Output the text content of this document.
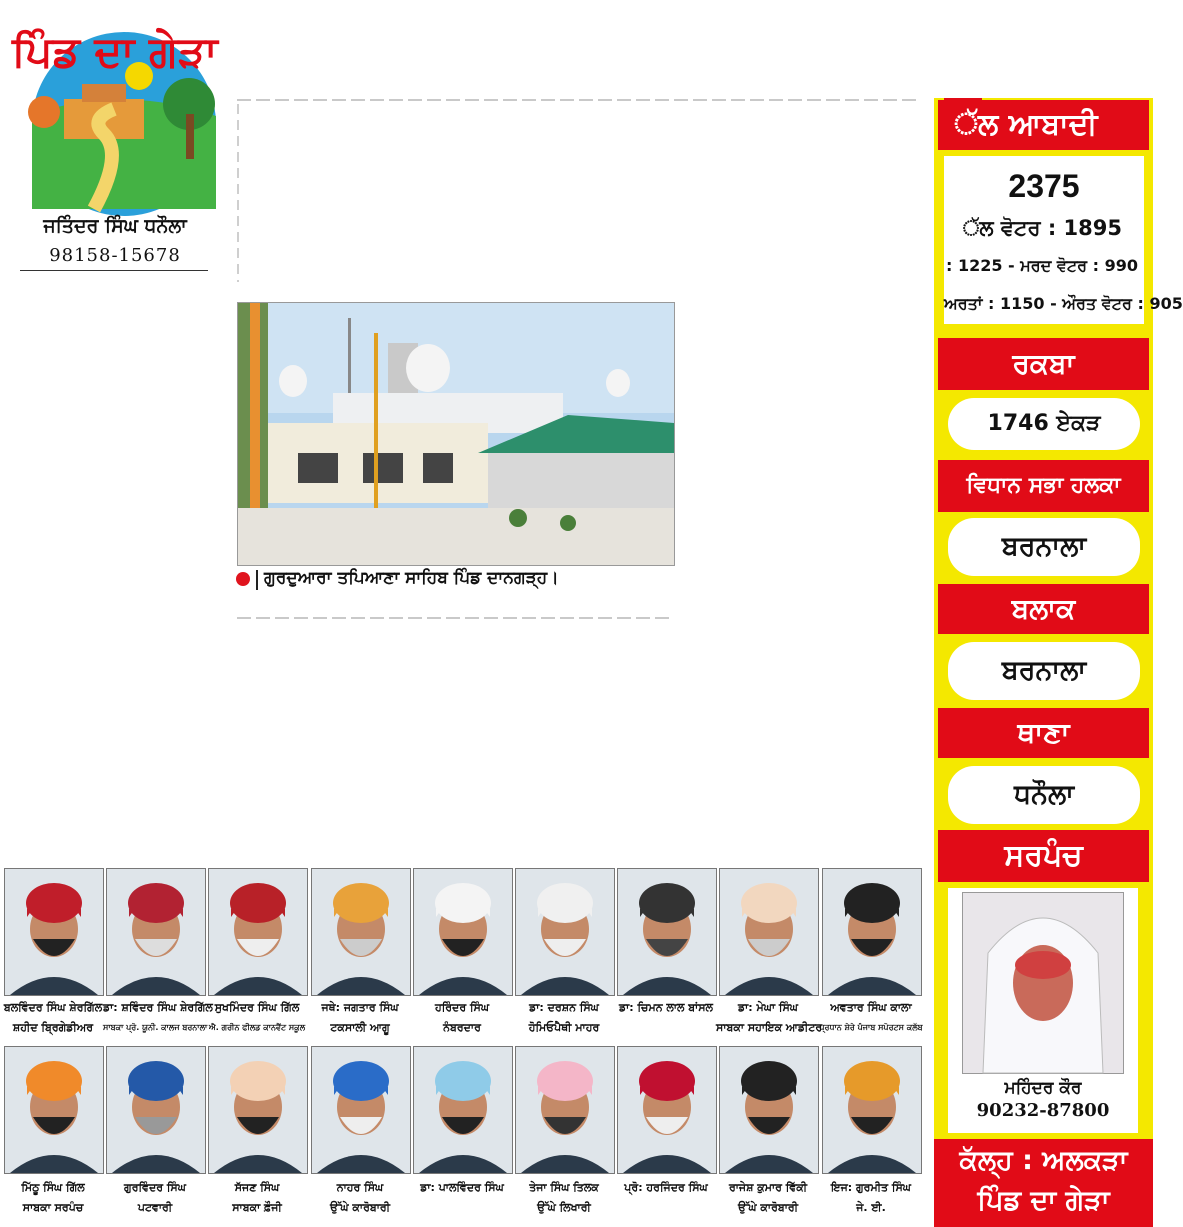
ਪਿੰਡ ਦਾ ਗੇੜਾ
ਜਤਿੰਦਰ ਸਿੰਘ ਧਨੌਲਾ
98158-15678
ਗੁਰਦੁਆਰਾ ਤਪਿਆਣਾ ਸਾਹਿਬ ਪਿੰਡ ਦਾਨਗੜ੍ਹ।
ੱਲ ਆਬਾਦੀ
2375
ੱਲ ਵੋਟਰ : 1895
: 1225 - ਮਰਦ ਵੋਟਰ : 990
ਅਰਤਾਂ : 1150 - ਔਰਤ ਵੋਟਰ : 905
ਰਕਬਾ
1746 ਏਕੜ
ਵਿਧਾਨ ਸਭਾ ਹਲਕਾ
ਬਰਨਾਲਾ
ਬਲਾਕ
ਬਰਨਾਲਾ
ਥਾਣਾ
ਧਨੌਲਾ
ਸਰਪੰਚ
ਮਹਿੰਦਰ ਕੌਰ
90232-87800
ਕੱਲ੍ਹ : ਅਲਕੜਾ
ਪਿੰਡ ਦਾ ਗੇੜਾ
ਬਲਵਿੰਦਰ ਸਿੰਘ ਸ਼ੇਰਗਿੱਲ
ਸ਼ਹੀਦ ਬ੍ਰਿਗੇਡੀਅਰ
ਡਾ: ਸ਼ਵਿੰਦਰ ਸਿੰਘ ਸ਼ੇਰਗਿੱਲ
ਸਾਬਕਾ ਪ੍ਰੋ. ਯੂਨੀ. ਕਾਲਜ ਬਰਨਾਲਾ
ਸੁਖਮਿੰਦਰ ਸਿੰਘ ਗਿੱਲ
ਐ. ਗਰੀਨ ਫੀਲਡ ਕਾਨਵੈਂਟ ਸਕੂਲ
ਜਥੇ: ਜਗਤਾਰ ਸਿੰਘ
ਟਕਸਾਲੀ ਆਗੂ
ਹਰਿੰਦਰ ਸਿੰਘ
ਨੰਬਰਦਾਰ
ਡਾ: ਦਰਸ਼ਨ ਸਿੰਘ
ਹੋਮਿਓਪੈਥੀ ਮਾਹਰ
ਡਾ: ਚਿਮਨ ਲਾਲ ਬਾਂਸਲ	ਡਾ: ਮੇਘਾ ਸਿੰਘ
ਸਾਬਕਾ ਸਹਾਇਕ ਆਡੀਟਰ
ਅਵਤਾਰ ਸਿੰਘ ਕਾਲਾ
ਪ੍ਰਧਾਨ ਸ਼ੇਰੇ ਪੰਜਾਬ ਸਪੋਰਟਸ ਕਲੱਬ
ਮਿੱਠੂ ਸਿੰਘ ਗਿੱਲ
ਸਾਬਕਾ ਸਰਪੰਚ
ਗੁਰਵਿੰਦਰ ਸਿੰਘ
ਪਟਵਾਰੀ
ਸੱਜਣ ਸਿੰਘ
ਸਾਬਕਾ ਫ਼ੌਜੀ
ਨਾਹਰ ਸਿੰਘ
ਉੱਘੇ ਕਾਰੋਬਾਰੀ
ਡਾ: ਪਾਲਵਿੰਦਰ ਸਿੰਘ	ਤੇਜਾ ਸਿੰਘ ਤਿਲਕ
ਉੱਘੇ ਲਿਖਾਰੀ
ਪ੍ਰੋ: ਹਰਜਿੰਦਰ ਸਿੰਘ	ਰਾਜੇਸ਼ ਕੁਮਾਰ ਵਿੱਕੀ
ਉੱਘੇ ਕਾਰੋਬਾਰੀ
ਇਜ: ਗੁਰਮੀਤ ਸਿੰਘ
ਜੇ. ਈ.
